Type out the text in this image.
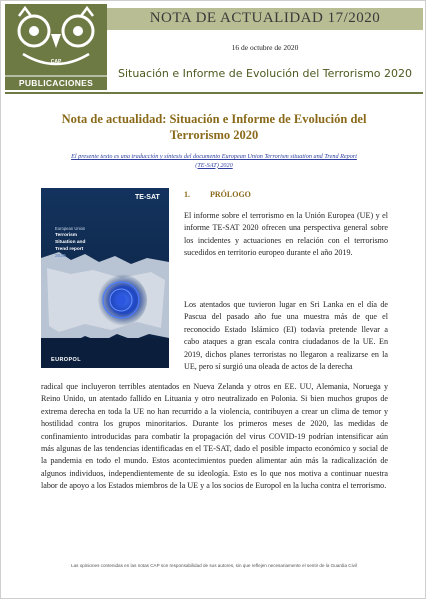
CAP
PUBLICACIONES
NOTA DE ACTUALIDAD 17/2020
16 de octubre de 2020
Situación e Informe de Evolución del Terrorismo 2020
Nota de actualidad: Situación e Informe de Evolución del
Terrorismo 2020
El presente texto es una traducción y síntesis del documento European Union Terrorism situation and Trend Report
(TE-SAT) 2020
TE-SAT
European Union
Terrorism
Situation and
Trend report
2020
EUROPOL
1.	PRÓLOGO
El informe sobre el terrorismo en la Unión Europea (UE) y el informe TE-SAT 2020 ofrecen una perspectiva general sobre los incidentes y actuaciones en relación con el terrorismo sucedidos en territorio europeo durante el año 2019.
Los atentados que tuvieron lugar en Sri Lanka en el día de Pascua del pasado año fue una muestra más de que el reconocido Estado Islámico (EI) todavía pretende llevar a cabo ataques a gran escala contra ciudadanos de la UE. En 2019, dichos planes terroristas no llegaron a realizarse en la UE, pero sí surgió una oleada de actos de la derecha
radical que incluyeron terribles atentados en Nueva Zelanda y otros en EE. UU, Alemania, Noruega y Reino Unido, un atentado fallido en Lituania y otro neutralizado en Polonia. Si bien muchos grupos de extrema derecha en toda la UE no han recurrido a la violencia, contribuyen a crear un clima de temor y hostilidad contra los grupos minoritarios. Durante los primeros meses de 2020, las medidas de confinamiento introducidas para combatir la propagación del virus COVID-19 podrían intensificar aún más algunas de las tendencias identificadas en el TE-SAT, dado el posible impacto económico y social de la pandemia en todo el mundo. Estos acontecimientos pueden alimentar aún más la radicalización de algunos individuos, independientemente de su ideología. Esto es lo que nos motiva a continuar nuestra labor de apoyo a los Estados miembros de la UE y a los socios de Europol en la lucha contra el terrorismo.
Las opiniones contenidas en las notas CAP son responsabilidad de sus autores, sin que reflejen necesariamente el sentir de la Guardia Civil
